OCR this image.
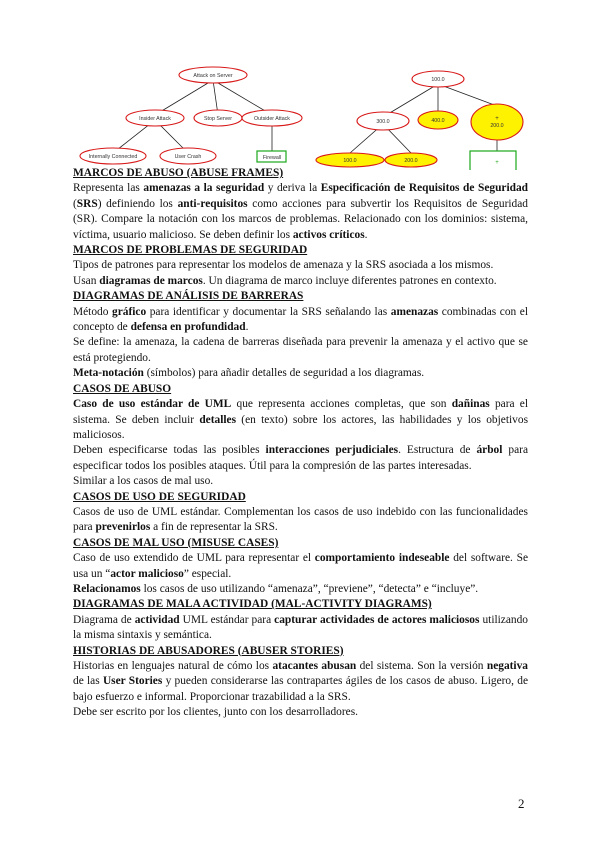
Attack on Server
Insider Attack	Stop Server	Outsider Attack
Internally Connected	User Crash	Firewall
+
+
100.0
300.0	400.0
200.0
100.0	200.0
MARCOS DE ABUSO (ABUSE FRAMES)
Representa las amenazas a la seguridad y deriva la Especificación de Requisitos de Seguridad (SRS) definiendo los anti-requisitos como acciones para subvertir los Requisitos de Seguridad (SR). Compare la notación con los marcos de problemas. Relacionado con los dominios: sistema, víctima, usuario malicioso. Se deben definir los activos críticos.
MARCOS DE PROBLEMAS DE SEGURIDAD
Tipos de patrones para representar los modelos de amenaza y la SRS asociada a los mismos.
Usan diagramas de marcos. Un diagrama de marco incluye diferentes patrones en contexto.
DIAGRAMAS DE ANÁLISIS DE BARRERAS
Método gráfico para identificar y documentar la SRS señalando las amenazas combinadas con el concepto de defensa en profundidad.
Se define: la amenaza, la cadena de barreras diseñada para prevenir la amenaza y el activo que se está protegiendo.
Meta-notación (símbolos) para añadir detalles de seguridad a los diagramas.
CASOS DE ABUSO
Caso de uso estándar de UML que representa acciones completas, que son dañinas para el sistema. Se deben incluir detalles (en texto) sobre los actores, las habilidades y los objetivos maliciosos.
Deben especificarse todas las posibles interacciones perjudiciales. Estructura de árbol para especificar todos los posibles ataques. Útil para la compresión de las partes interesadas.
Similar a los casos de mal uso.
CASOS DE USO DE SEGURIDAD
Casos de uso de UML estándar. Complementan los casos de uso indebido con las funcionalidades para prevenirlos a fin de representar la SRS.
CASOS DE MAL USO (MISUSE CASES)
Caso de uso extendido de UML para representar el comportamiento indeseable del software. Se usa un “actor malicioso” especial.
Relacionamos los casos de uso utilizando “amenaza”, “previene”, “detecta” e “incluye”.
DIAGRAMAS DE MALA ACTIVIDAD (MAL-ACTIVITY DIAGRAMS)
Diagrama de actividad UML estándar para capturar actividades de actores maliciosos utilizando la misma sintaxis y semántica.
HISTORIAS DE ABUSADORES (ABUSER STORIES)
Historias en lenguajes natural de cómo los atacantes abusan del sistema. Son la versión negativa de las User Stories y pueden considerarse las contrapartes ágiles de los casos de abuso. Ligero, de bajo esfuerzo e informal. Proporcionar trazabilidad a la SRS.
Debe ser escrito por los clientes, junto con los desarrolladores.
2
